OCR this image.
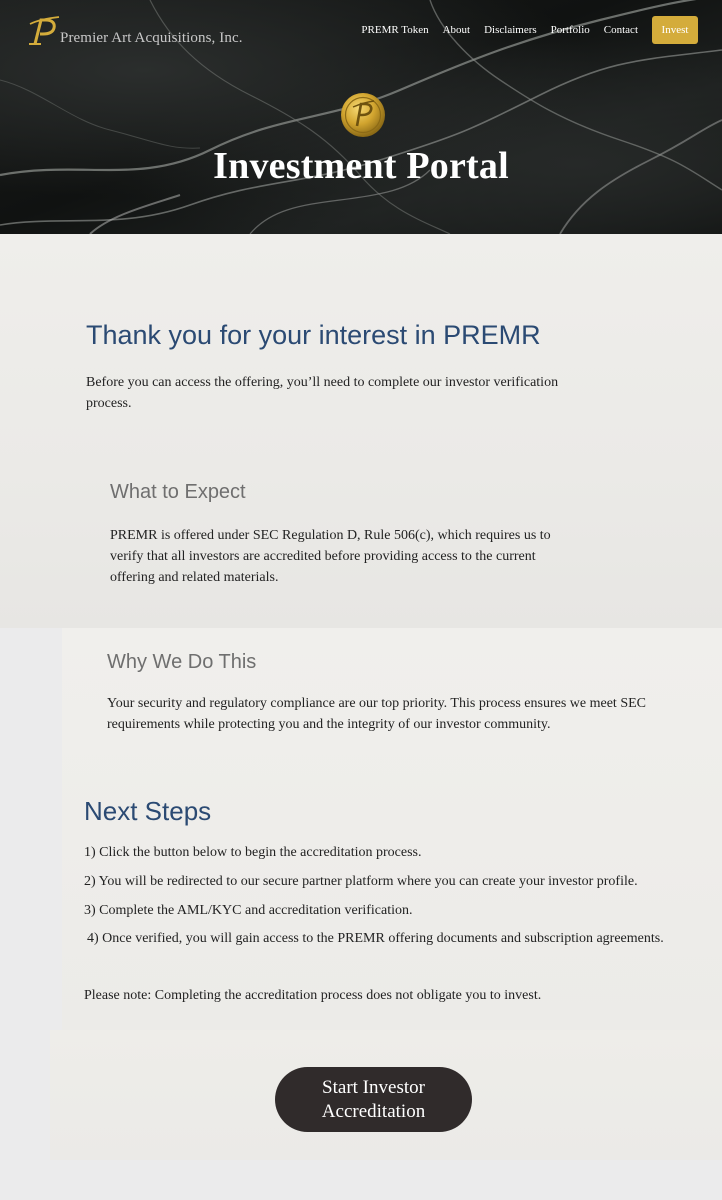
Premier Art Acquisitions, Inc.	PREMR Token About Disclaimers Portfolio Contact	Invest
Investment Portal
Thank you for your interest in PREMR

Before you can access the offering, you’ll need to complete our investor verification process.

What to Expect

PREMR is offered under SEC Regulation D, Rule 506(c), which requires us to verify that all investors are accredited before providing access to the current offering and related materials.

Why We Do This

Your security and regulatory compliance are our top priority. This process ensures we meet SEC requirements while protecting you and the integrity of our investor community.

Next Steps
1) Click the button below to begin the accreditation process.
2) You will be redirected to our secure partner platform where you can create your investor profile.
3) Complete the AML/KYC and accreditation verification.
4) Once verified, you will gain access to the PREMR offering documents and subscription agreements.
Please note: Completing the accreditation process does not obligate you to invest.
Start Investor
Accreditation
